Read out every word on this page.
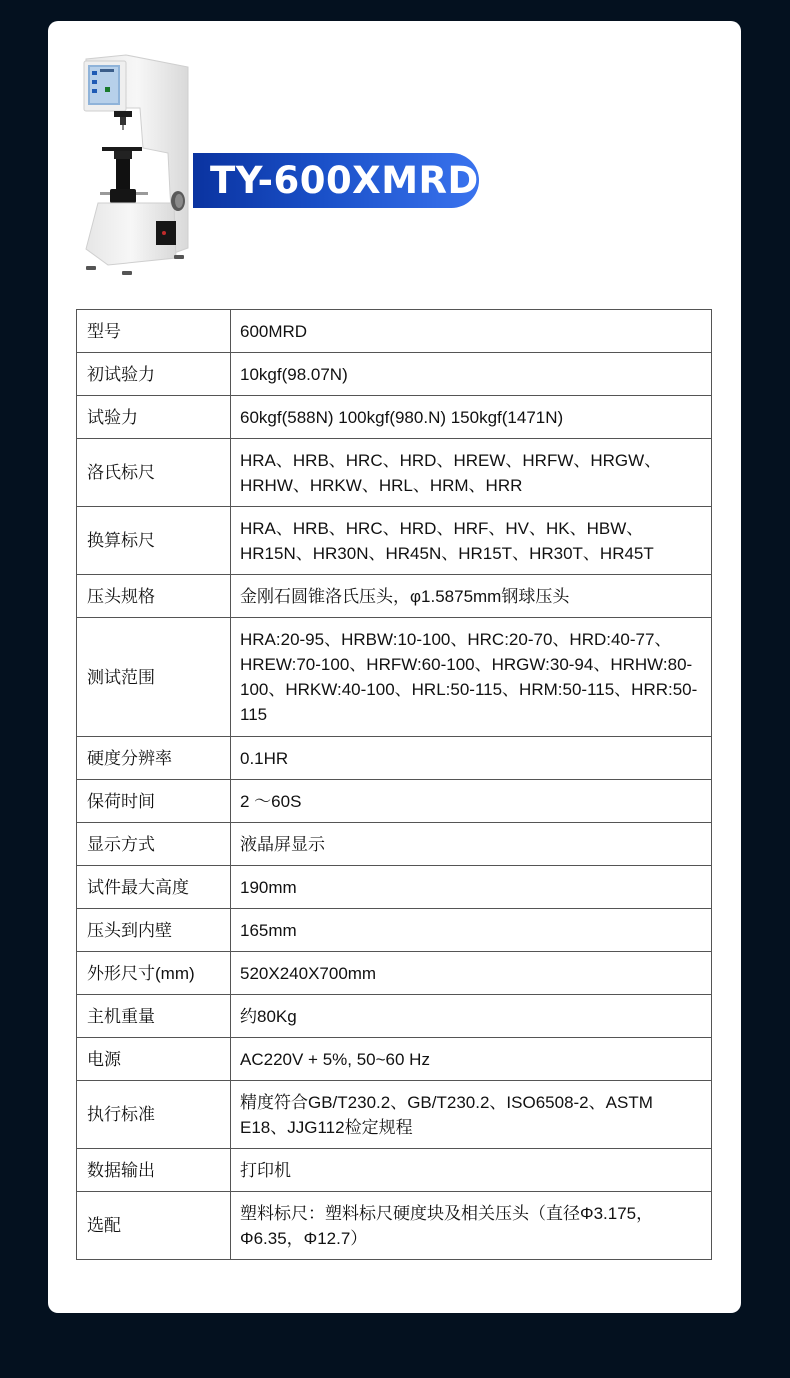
TY-600XMRD
型号	600MRD
初试验力	10kgf(98.07N)
试验力	60kgf(588N) 100kgf(980.N) 150kgf(1471N)
洛氏标尺	HRA、HRB、HRC、HRD、HREW、HRFW、HRGW、HRHW、HRKW、HRL、HRM、HRR
换算标尺	HRA、HRB、HRC、HRD、HRF、HV、HK、HBW、HR15N、HR30N、HR45N、HR15T、HR30T、HR45T
压头规格	金刚石圆锥洛氏压头，φ1.5875mm钢球压头
测试范围	HRA:20-95、HRBW:10-100、HRC:20-70、HRD:40-77、HREW:70-100、HRFW:60-100、HRGW:30-94、HRHW:80-100、HRKW:40-100、HRL:50-115、HRM:50-115、HRR:50-115
硬度分辨率	0.1HR
保荷时间	2 ～60S
显示方式	液晶屏显示
试件最大高度	190mm
压头到内壁	165mm
外形尺寸(mm)	520X240X700mm
主机重量	约80Kg
电源	AC220V + 5%, 50~60 Hz
执行标准	精度符合GB/T230.2、GB/T230.2、ISO6508-2、ASTM E18、JJG112检定规程
数据输出	打印机
选配	塑料标尺：塑料标尺硬度块及相关压头（直径Φ3.175，Φ6.35，Φ12.7）
